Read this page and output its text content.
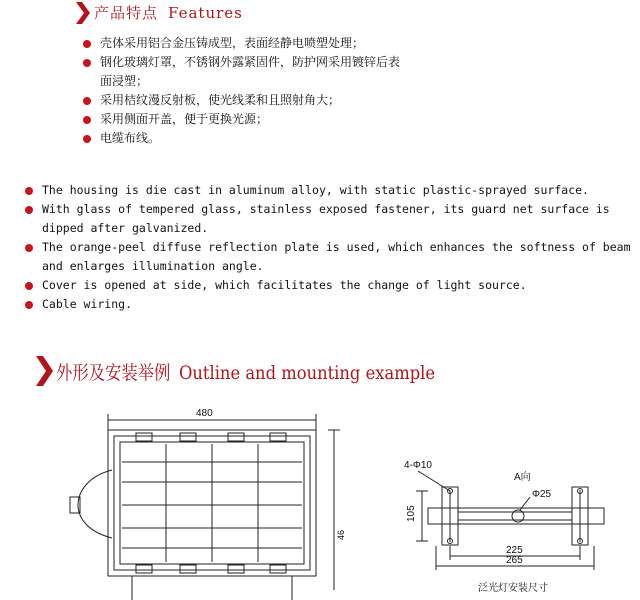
产品特点 Features
壳体采用铝合金压铸成型，表面经静电喷塑处理；
钢化玻璃灯罩，不锈钢外露紧固件，防护网采用镀锌后表面浸塑；
采用桔纹漫反射板，使光线柔和且照射角大；
采用侧面开盖，便于更换光源；
电缆布线。
The housing is die cast in aluminum alloy, with static plastic-sprayed surface.
With glass of tempered glass, stainless exposed fastener, its guard net surface is dipped after galvanized.
The orange-peel diffuse reflection plate is used, which enhances the softness of beam and enlarges illumination angle.
Cover is opened at side, which facilitates the change of light source.
Cable wiring.
外形及安装举例 Outline and mounting example
480
46
4-Φ10
A向
Φ25
105
225
265
泛光灯安装尺寸
